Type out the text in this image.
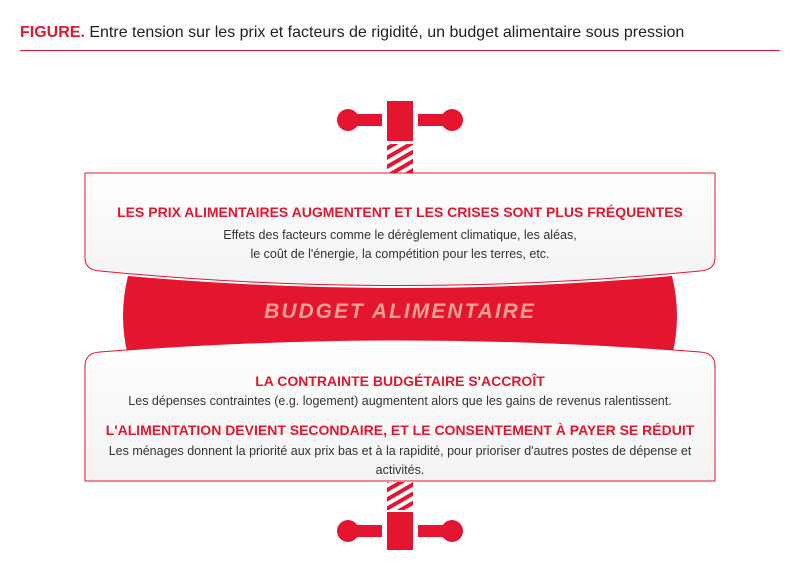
FIGURE. Entre tension sur les prix et facteurs de rigidité, un budget alimentaire sous pression
LES PRIX ALIMENTAIRES AUGMENTENT ET LES CRISES SONT PLUS FRÉQUENTES
Effets des facteurs comme le dérèglement climatique, les aléas,
le coût de l'énergie, la compétition pour les terres, etc.
BUDGET ALIMENTAIRE
LA CONTRAINTE BUDGÉTAIRE S'ACCROÎT
Les dépenses contraintes (e.g. logement) augmentent alors que les gains de revenus ralentissent.
L'ALIMENTATION DEVIENT SECONDAIRE, ET LE CONSENTEMENT À PAYER SE RÉDUIT
Les ménages donnent la priorité aux prix bas et à la rapidité, pour prioriser d'autres postes de dépense et activités.
